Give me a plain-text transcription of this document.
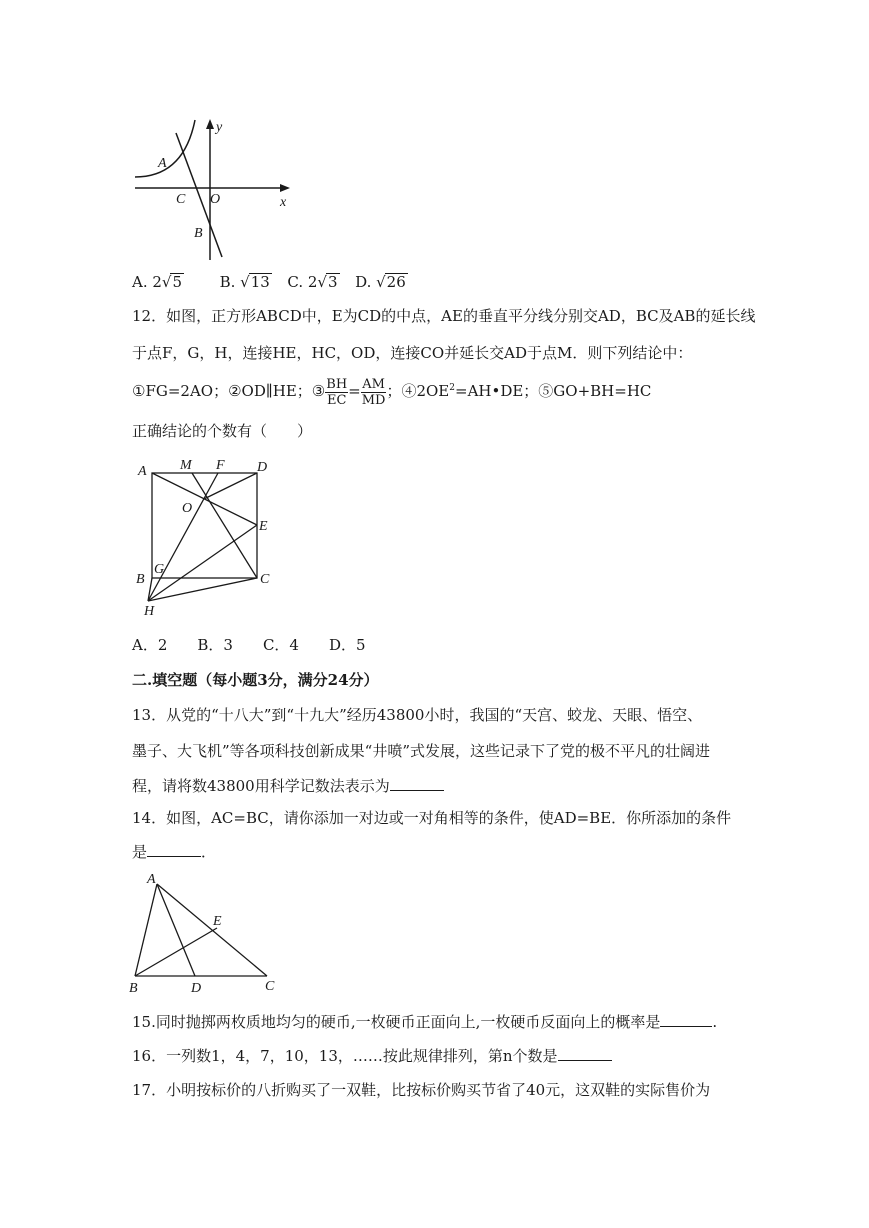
A
C O
B
x
y
A. 2√5	B. √13 C. 2√3 D. √26
12．如图，正方形ABCD中，E为CD的中点，AE的垂直平分线分别交AD，BC及AB的延长线
于点F，G，H，连接HE，HC，OD，连接CO并延长交AD于点M．则下列结论中：
①FG=2AO；②OD∥HE；③ $\frac{BH}{EC} = \frac{AM}{MD}$ ；$④2OE^2=AH•DE$；⑤GO+BH=HC
正确结论的个数有（　　）
A M F D
O
E
B
G
C
H
A．2　　B．3　　C．4　　D．5
二.填空题（每小题3分，满分24分）
13．从党的“十八大”到“十九大”经历43800小时，我国的“天宫、蛟龙、天眼、悟空、
墨子、大飞机”等各项科技创新成果“井喷”式发展，这些记录下了党的极不平凡的壮阔进
程，请将数43800用科学记数法表示为
14．如图，AC=BC，请你添加一对边或一对角相等的条件，使AD=BE．你所添加的条件
是	．
A
E
B	D	C
15.同时抛掷两枚质地均匀的硬币,一枚硬币正面向上,一枚硬币反面向上的概率是	.
16．一列数1，4，7，10，13，……按此规律排列，第n个数是
17．小明按标价的八折购买了一双鞋，比按标价购买节省了40元，这双鞋的实际售价为
